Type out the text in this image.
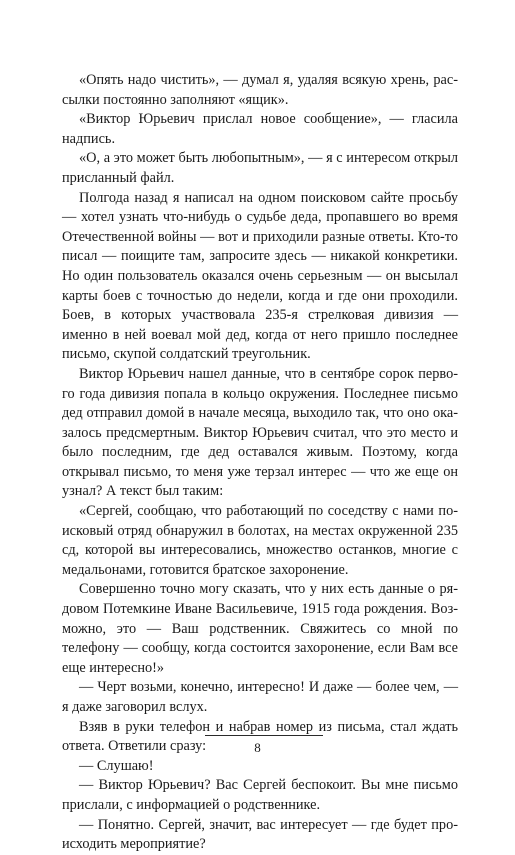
«Опять надо чистить», — думал я, удаляя всякую хрень, рассылки постоянно заполняют «ящик».

«Виктор Юрьевич прислал новое сообщение», — гласила надпись.

«О, а это может быть любопытным», — я с интересом открыл присланный файл.

Полгода назад я написал на одном поисковом сайте просьбу — хотел узнать что-нибудь о судьбе деда, пропавшего во время Отечественной войны — вот и приходили разные ответы. Кто-то писал — поищите там, запросите здесь — никакой конкретики. Но один пользователь оказался очень серьезным — он высылал карты боев с точностью до недели, когда и где они проходили. Боев, в которых участвовала 235-я стрелковая дивизия — именно в ней воевал мой дед, когда от него пришло последнее письмо, скупой солдатский треугольник.

Виктор Юрьевич нашел данные, что в сентябре сорок первого года дивизия попала в кольцо окружения. Последнее письмо дед отправил домой в начале месяца, выходило так, что оно оказалось предсмертным. Виктор Юрьевич считал, что это место и было последним, где дед оставался живым. Поэтому, когда открывал письмо, то меня уже терзал интерес — что же еще он узнал? А текст был таким:

«Сергей, сообщаю, что работающий по соседству с нами поисковый отряд обнаружил в болотах, на местах окруженной 235 сд, которой вы интересовались, множество останков, многие с медальонами, готовится братское захоронение.

Совершенно точно могу сказать, что у них есть данные о рядовом Потемкине Иване Васильевиче, 1915 года рождения. Возможно, это — Ваш родственник. Свяжитесь со мной по телефону — сообщу, когда состоится захоронение, если Вам все еще интересно!»

— Черт возьми, конечно, интересно! И даже — более чем, — я даже заговорил вслух.

Взяв в руки телефон и набрав номер из письма, стал ждать ответа. Ответили сразу:

— Слушаю!

— Виктор Юрьевич? Вас Сергей беспокоит. Вы мне письмо прислали, с информацией о родственнике.

— Понятно. Сергей, значит, вас интересует — где будет происходить мероприятие?

8
